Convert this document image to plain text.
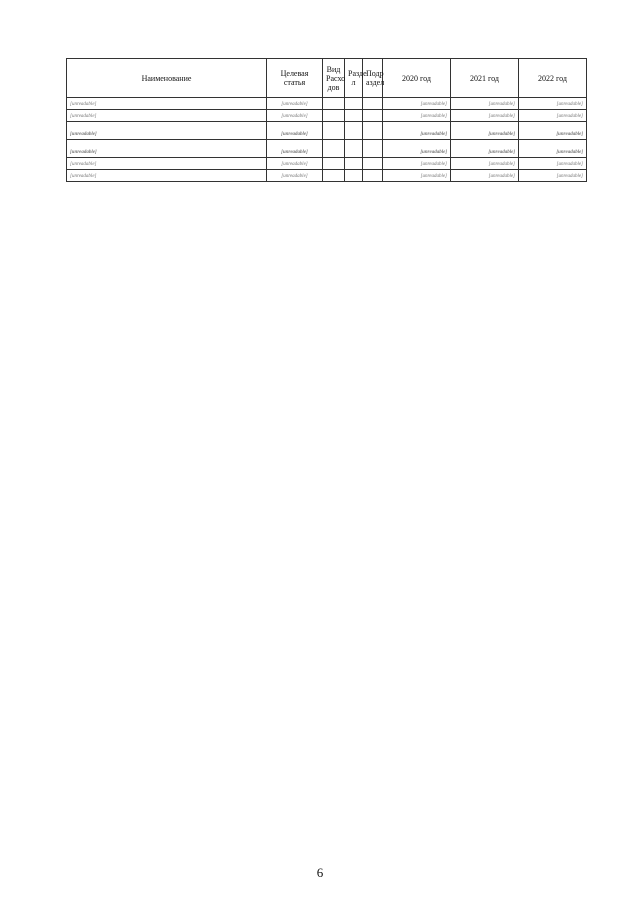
Наименование	Целевая статья	Вид Расхо дов	Разде л	Подр аздел	2020 год	2021 год	2022 год
[unreadable]	[unreadable]				[unreadable]	[unreadable]	[unreadable]
[unreadable]	[unreadable]				[unreadable]	[unreadable]	[unreadable]
[unreadable]	[unreadable]				[unreadable]	[unreadable]	[unreadable]
[unreadable]	[unreadable]				[unreadable]	[unreadable]	[unreadable]
[unreadable]	[unreadable]				[unreadable]	[unreadable]	[unreadable]
[unreadable]	[unreadable]				[unreadable]	[unreadable]	[unreadable]
6
